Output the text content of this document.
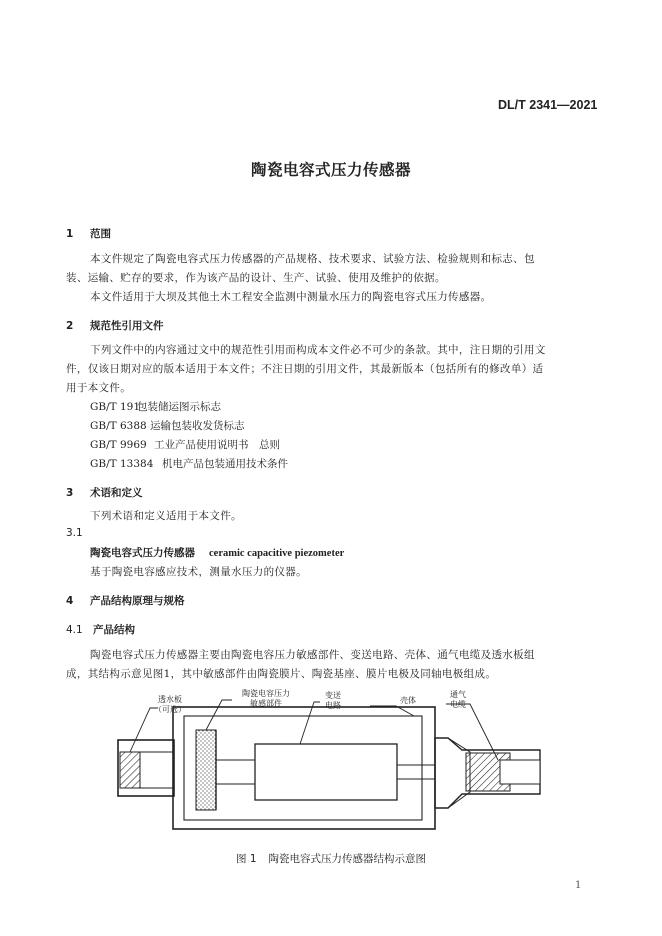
DL/T 2341—2021
陶瓷电容式压力传感器
1 范围
本文件规定了陶瓷电容式压力传感器的产品规格、技术要求、试验方法、检验规则和标志、包
装、运输、贮存的要求，作为该产品的设计、生产、试验、使用及维护的依据。
本文件适用于大坝及其他土木工程安全监测中测量水压力的陶瓷电容式压力传感器。
2 规范性引用文件
下列文件中的内容通过文中的规范性引用而构成本文件必不可少的条款。其中，注日期的引用文
件，仅该日期对应的版本适用于本文件；不注日期的引用文件，其最新版本（包括所有的修改单）适
用于本文件。
GB/T 191包装储运图示标志
GB/T 6388 运输包装收发货标志
GB/T 9969 工业产品使用说明书　总则
GB/T 13384 机电产品包装通用技术条件
3 术语和定义
下列术语和定义适用于本文件。
3.1
陶瓷电容式压力传感器 ceramic capacitive piezometer
基于陶瓷电容感应技术，测量水压力的仪器。
4 产品结构原理与规格
4.1 产品结构
陶瓷电容式压力传感器主要由陶瓷电容压力敏感部件、变送电路、壳体、通气电缆及透水板组
成，其结构示意见图1，其中敏感部件由陶瓷膜片、陶瓷基座、膜片电极及同轴电极组成。
透水板
（可选）
陶瓷电容压力
敏感部件
变送
电路
壳体
通气
电缆
图 1 陶瓷电容式压力传感器结构示意图
1
